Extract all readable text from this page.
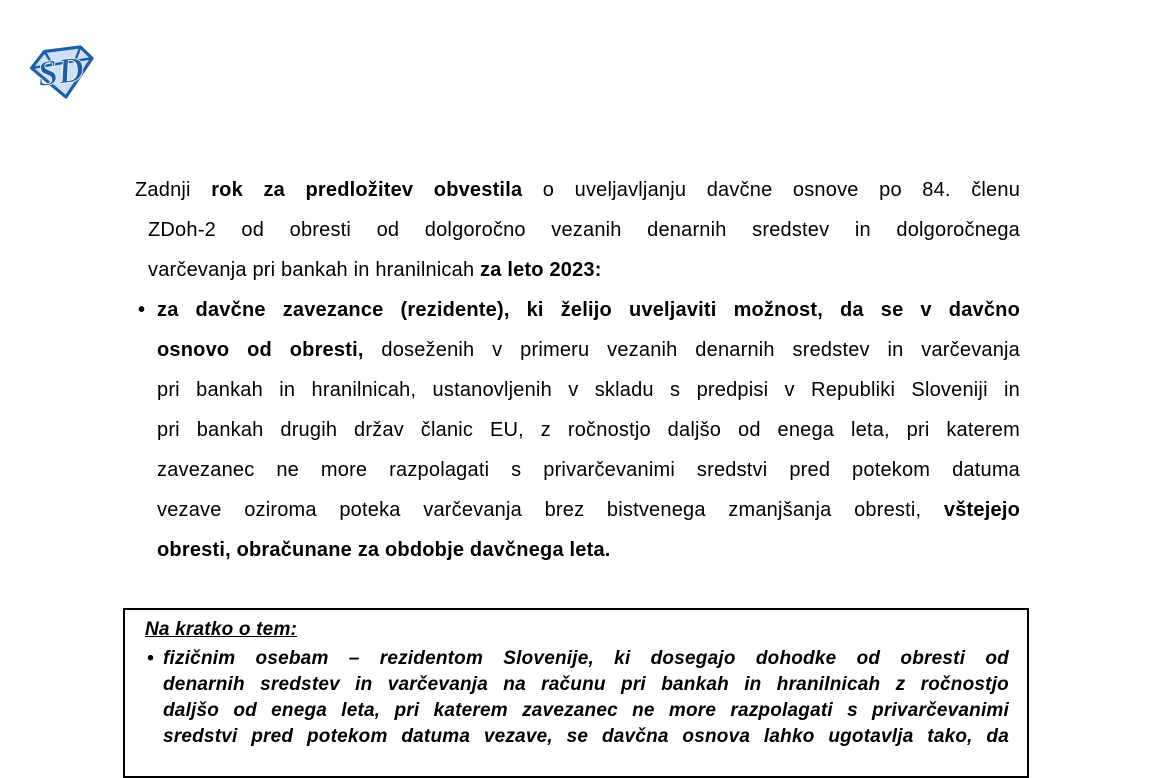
SD
Zadnji rok za predložitev obvestila o uveljavljanju davčne osnove po 84. členu
ZDoh-2 od obresti od dolgoročno vezanih denarnih sredstev in dolgoročnega
varčevanja pri bankah in hranilnicah za leto 2023:
• za davčne zavezance (rezidente), ki želijo uveljaviti možnost, da se v davčno
osnovo od obresti, doseženih v primeru vezanih denarnih sredstev in varčevanja
pri bankah in hranilnicah, ustanovljenih v skladu s predpisi v Republiki Sloveniji in
pri bankah drugih držav članic EU, z ročnostjo daljšo od enega leta, pri katerem
zavezanec ne more razpolagati s privarčevanimi sredstvi pred potekom datuma
vezave oziroma poteka varčevanja brez bistvenega zmanjšanja obresti, vštejejo
obresti, obračunane za obdobje davčnega leta.
Na kratko o tem:
• fizičnim osebam – rezidentom Slovenije, ki dosegajo dohodke od obresti od
denarnih sredstev in varčevanja na računu pri bankah in hranilnicah z ročnostjo
daljšo od enega leta, pri katerem zavezanec ne more razpolagati s privarčevanimi
sredstvi pred potekom datuma vezave, se davčna osnova lahko ugotavlja tako, da
